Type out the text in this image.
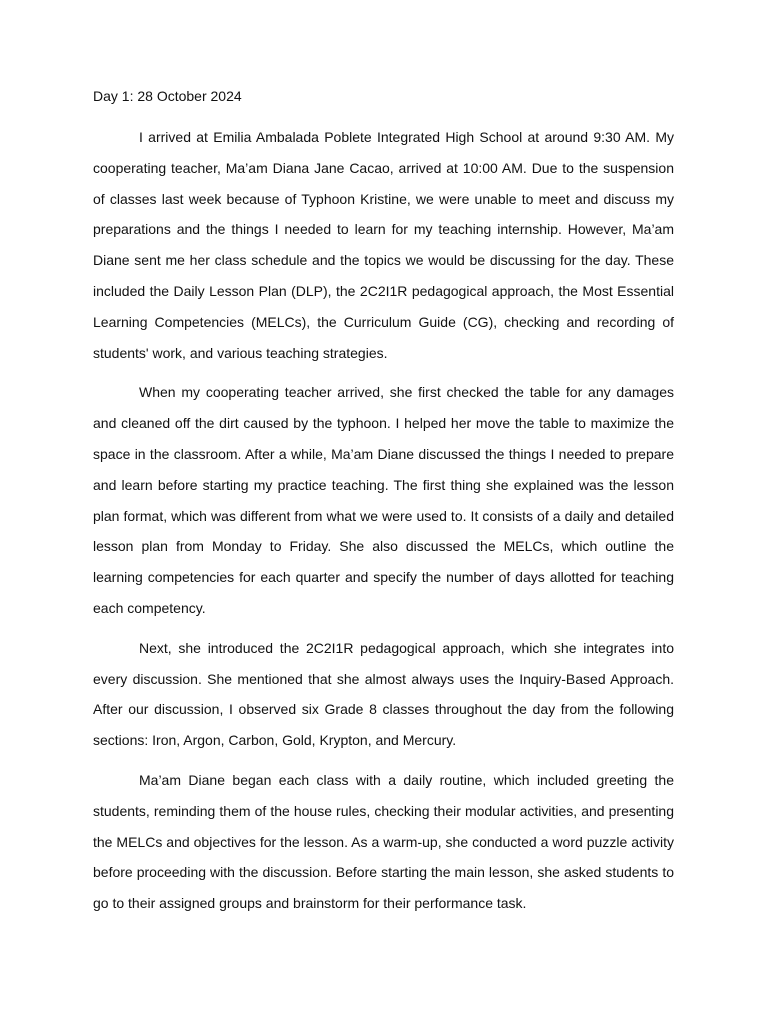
Day 1: 28 October 2024

I arrived at Emilia Ambalada Poblete Integrated High School at around 9:30 AM. My cooperating teacher, Ma’am Diana Jane Cacao, arrived at 10:00 AM. Due to the suspension of classes last week because of Typhoon Kristine, we were unable to meet and discuss my preparations and the things I needed to learn for my teaching internship. However, Ma’am Diane sent me her class schedule and the topics we would be discussing for the day. These included the Daily Lesson Plan (DLP), the 2C2I1R pedagogical approach, the Most Essential Learning Competencies (MELCs), the Curriculum Guide (CG), checking and recording of students' work, and various teaching strategies.

When my cooperating teacher arrived, she first checked the table for any damages and cleaned off the dirt caused by the typhoon. I helped her move the table to maximize the space in the classroom. After a while, Ma’am Diane discussed the things I needed to prepare and learn before starting my practice teaching. The first thing she explained was the lesson plan format, which was different from what we were used to. It consists of a daily and detailed lesson plan from Monday to Friday. She also discussed the MELCs, which outline the learning competencies for each quarter and specify the number of days allotted for teaching each competency.

Next, she introduced the 2C2I1R pedagogical approach, which she integrates into every discussion. She mentioned that she almost always uses the Inquiry-Based Approach. After our discussion, I observed six Grade 8 classes throughout the day from the following sections: Iron, Argon, Carbon, Gold, Krypton, and Mercury.

Ma’am Diane began each class with a daily routine, which included greeting the students, reminding them of the house rules, checking their modular activities, and presenting the MELCs and objectives for the lesson. As a warm-up, she conducted a word puzzle activity before proceeding with the discussion. Before starting the main lesson, she asked students to go to their assigned groups and brainstorm for their performance task.
